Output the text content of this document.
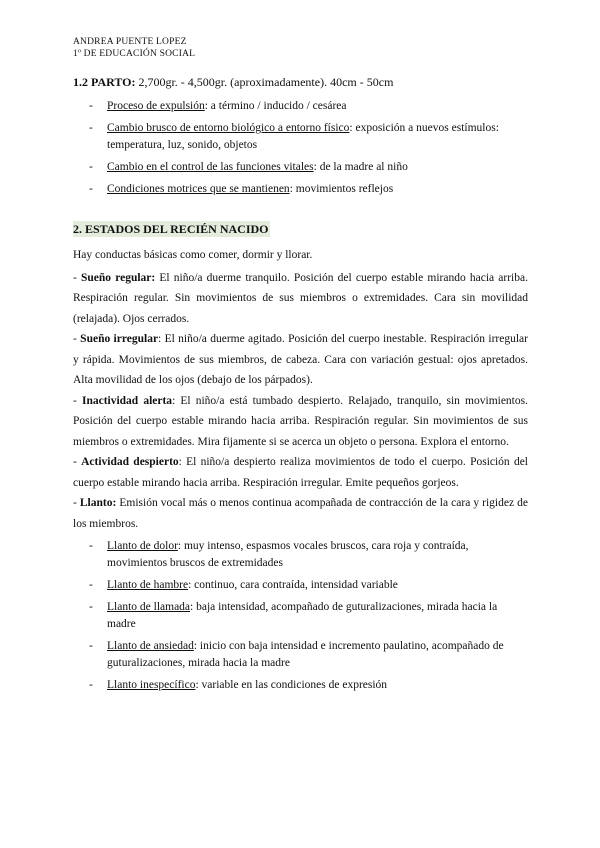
ANDREA PUENTE LOPEZ
1º DE EDUCACIÓN SOCIAL
1.2 PARTO: 2,700gr. - 4,500gr. (aproximadamente). 40cm - 50cm
- Proceso de expulsión: a término / inducido / cesárea
- Cambio brusco de entorno biológico a entorno físico: exposición a nuevos estímulos: temperatura, luz, sonido, objetos
- Cambio en el control de las funciones vitales: de la madre al niño
- Condiciones motrices que se mantienen: movimientos reflejos
2. ESTADOS DEL RECIÉN NACIDO

Hay conductas básicas como comer, dormir y llorar.

- Sueño regular: El niño/a duerme tranquilo. Posición del cuerpo estable mirando hacia arriba. Respiración regular. Sin movimientos de sus miembros o extremidades. Cara sin movilidad (relajada). Ojos cerrados.

- Sueño irregular: El niño/a duerme agitado. Posición del cuerpo inestable. Respiración irregular y rápida. Movimientos de sus miembros, de cabeza. Cara con variación gestual: ojos apretados. Alta movilidad de los ojos (debajo de los párpados).

- Inactividad alerta: El niño/a está tumbado despierto. Relajado, tranquilo, sin movimientos. Posición del cuerpo estable mirando hacia arriba. Respiración regular. Sin movimientos de sus miembros o extremidades. Mira fijamente si se acerca un objeto o persona. Explora el entorno.

- Actividad despierto: El niño/a despierto realiza movimientos de todo el cuerpo. Posición del cuerpo estable mirando hacia arriba. Respiración irregular. Emite pequeños gorjeos.

- Llanto: Emisión vocal más o menos continua acompañada de contracción de la cara y rigidez de los miembros.

- Llanto de dolor: muy intenso, espasmos vocales bruscos, cara roja y contraída, movimientos bruscos de extremidades
- Llanto de hambre: continuo, cara contraída, intensidad variable
- Llanto de llamada: baja intensidad, acompañado de guturalizaciones, mirada hacia la madre
- Llanto de ansiedad: inicio con baja intensidad e incremento paulatino, acompañado de guturalizaciones, mirada hacia la madre
- Llanto inespecífico: variable en las condiciones de expresión
